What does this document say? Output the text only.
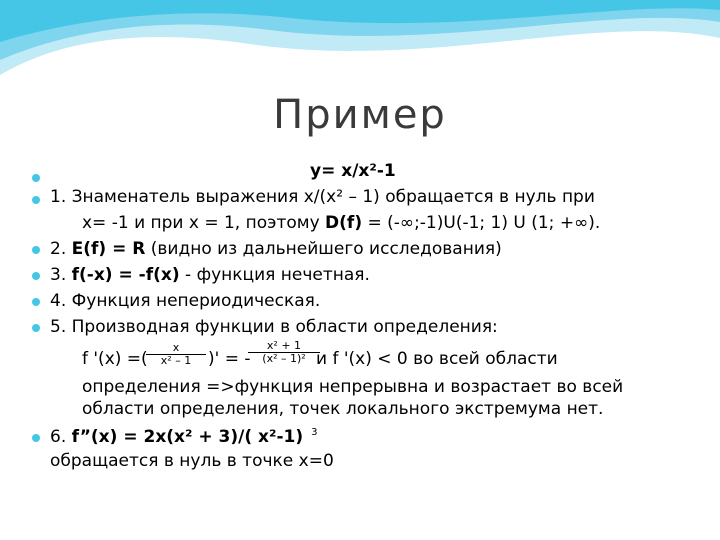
Пример
y= x/x²-1
1. Знаменатель выражения x/(x² – 1) обращается в нуль при
x= -1 и при x = 1, поэтому D(f) = (-∞;-1)U(-1; 1) U (1; +∞).
2. E(f) = R (видно из дальнейшего исследования)
3. f(-x) = -f(x) - функция нечетная.
4. Функция непериодическая.
5. Производная функции в области определения:
f '(x) =(
x
x² – 1 )' = -
x² + 1
(x² – 1)² и f '(x) < 0 во всей области
определения =>функция непрерывна и возрастает во всей
области определения, точек локального экстремума нет.
6. f”(x) = 2x(x² + 3)/( x²-1) $^3$
обращается в нуль в точке x=0
